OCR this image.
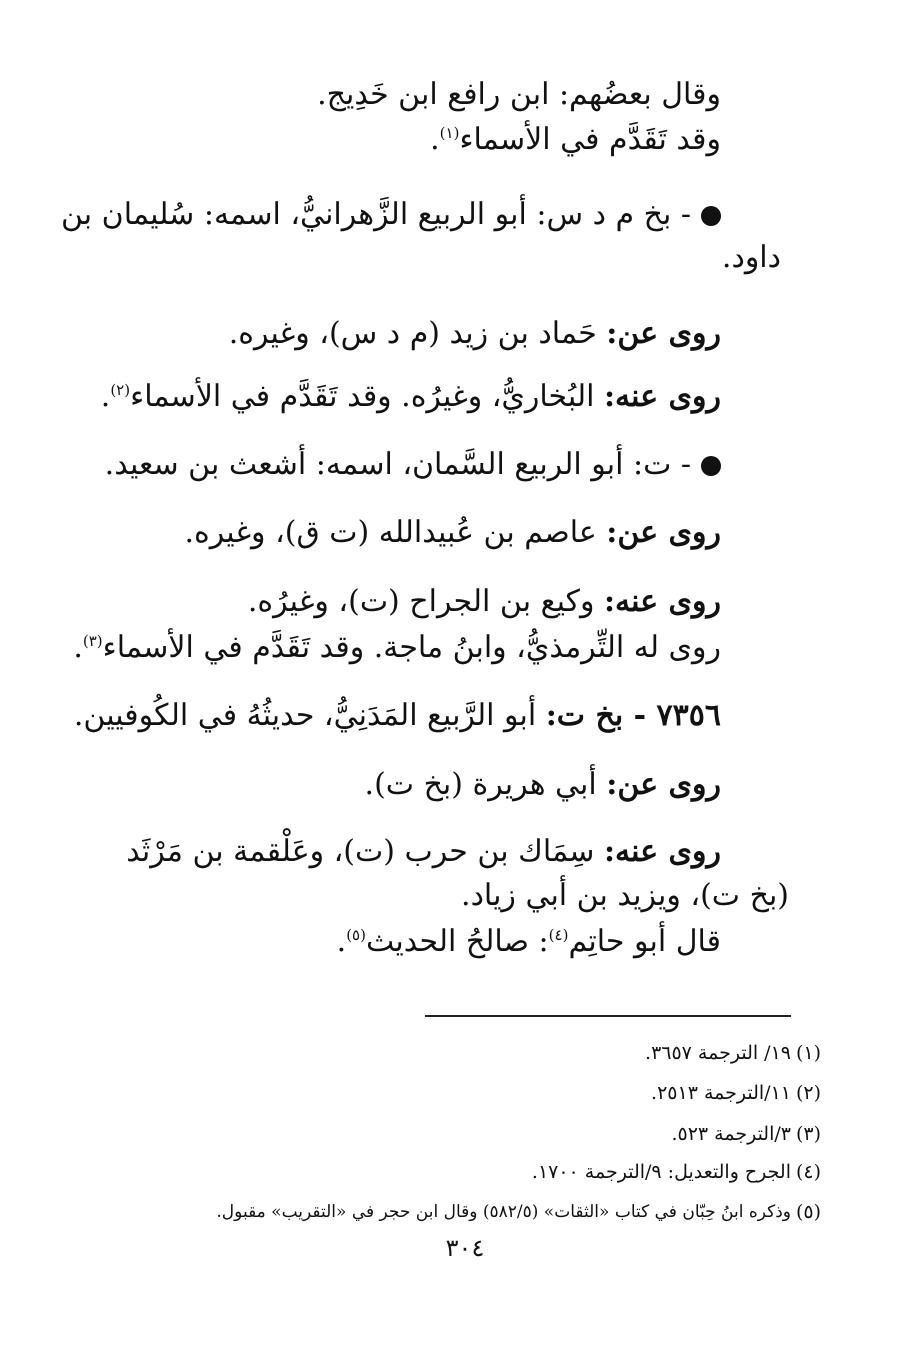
وقال بعضُهم: ابن رافع ابن خَدِيج.
وقد تَقَدَّم في الأسماء$^{(١)}$.
- بخ م د س: أبو الربيع الزَّهرانيُّ، اسمه: سُليمان بن
داود.
روى عن: حَماد بن زيد (م د س)، وغيره.
روى عنه: البُخاريُّ، وغيرُه. وقد تَقَدَّم في الأسماء$^{(٢)}$.
- ت: أبو الربيع السَّمان، اسمه: أشعث بن سعيد.
روى عن: عاصم بن عُبيدالله (ت ق)، وغيره.
روى عنه: وكيع بن الجراح (ت)، وغيرُه.
روى له التِّرمذيُّ، وابنُ ماجة. وقد تَقَدَّم في الأسماء$^{(٣)}$.
٧٣٥٦ - بخ ت: أبو الرَّبيع المَدَنِيُّ، حديثُهُ في الكُوفيين.
روى عن: أبي هريرة (بخ ت).
روى عنه: سِمَاك بن حرب (ت)، وعَلْقمة بن مَرْثَد
(بخ ت)، ويزيد بن أبي زياد.
قال أبو حاتِم$^{(٤)}$: صالحُ الحديث$^{(٥)}$.
(١)
١٩/ الترجمة ٣٦٥٧.
(٢)
١١/الترجمة ٢٥١٣.
(٣)
٣/الترجمة ٥٢٣.
(٤)
الجرح والتعديل: ٩/الترجمة ١٧٠٠.
(٥)
وذكره ابنُ حِبّان في كتاب «الثقات» (٥٨٢/٥) وقال ابن حجر في «التقريب» مقبول.
٣٠٤
